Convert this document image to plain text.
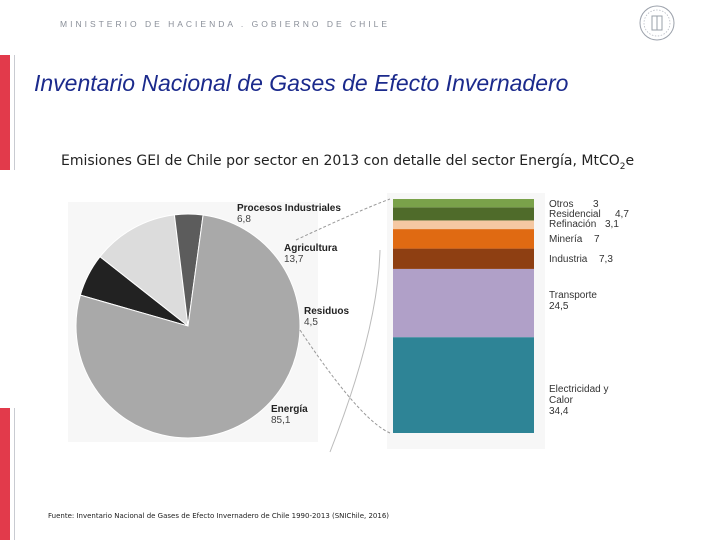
MINISTERIO DE HACIENDA . GOBIERNO DE CHILE
Inventario Nacional de Gases de Efecto Invernadero
Emisiones GEI de Chile por sector en 2013 con detalle del sector Energía, MtCO$_2$e
Procesos Industriales
6,8
Agricultura
13,7
Residuos
4,5
Energía
85,1
Electricidad y
Calor
34,4
Transporte
24,5
Industria 7,3
Minería 7
Refinación 3,1
Residencial 4,7
Otros 3
Fuente: Inventario Nacional de Gases de Efecto Invernadero de Chile 1990-2013 (SNIChile, 2016)
